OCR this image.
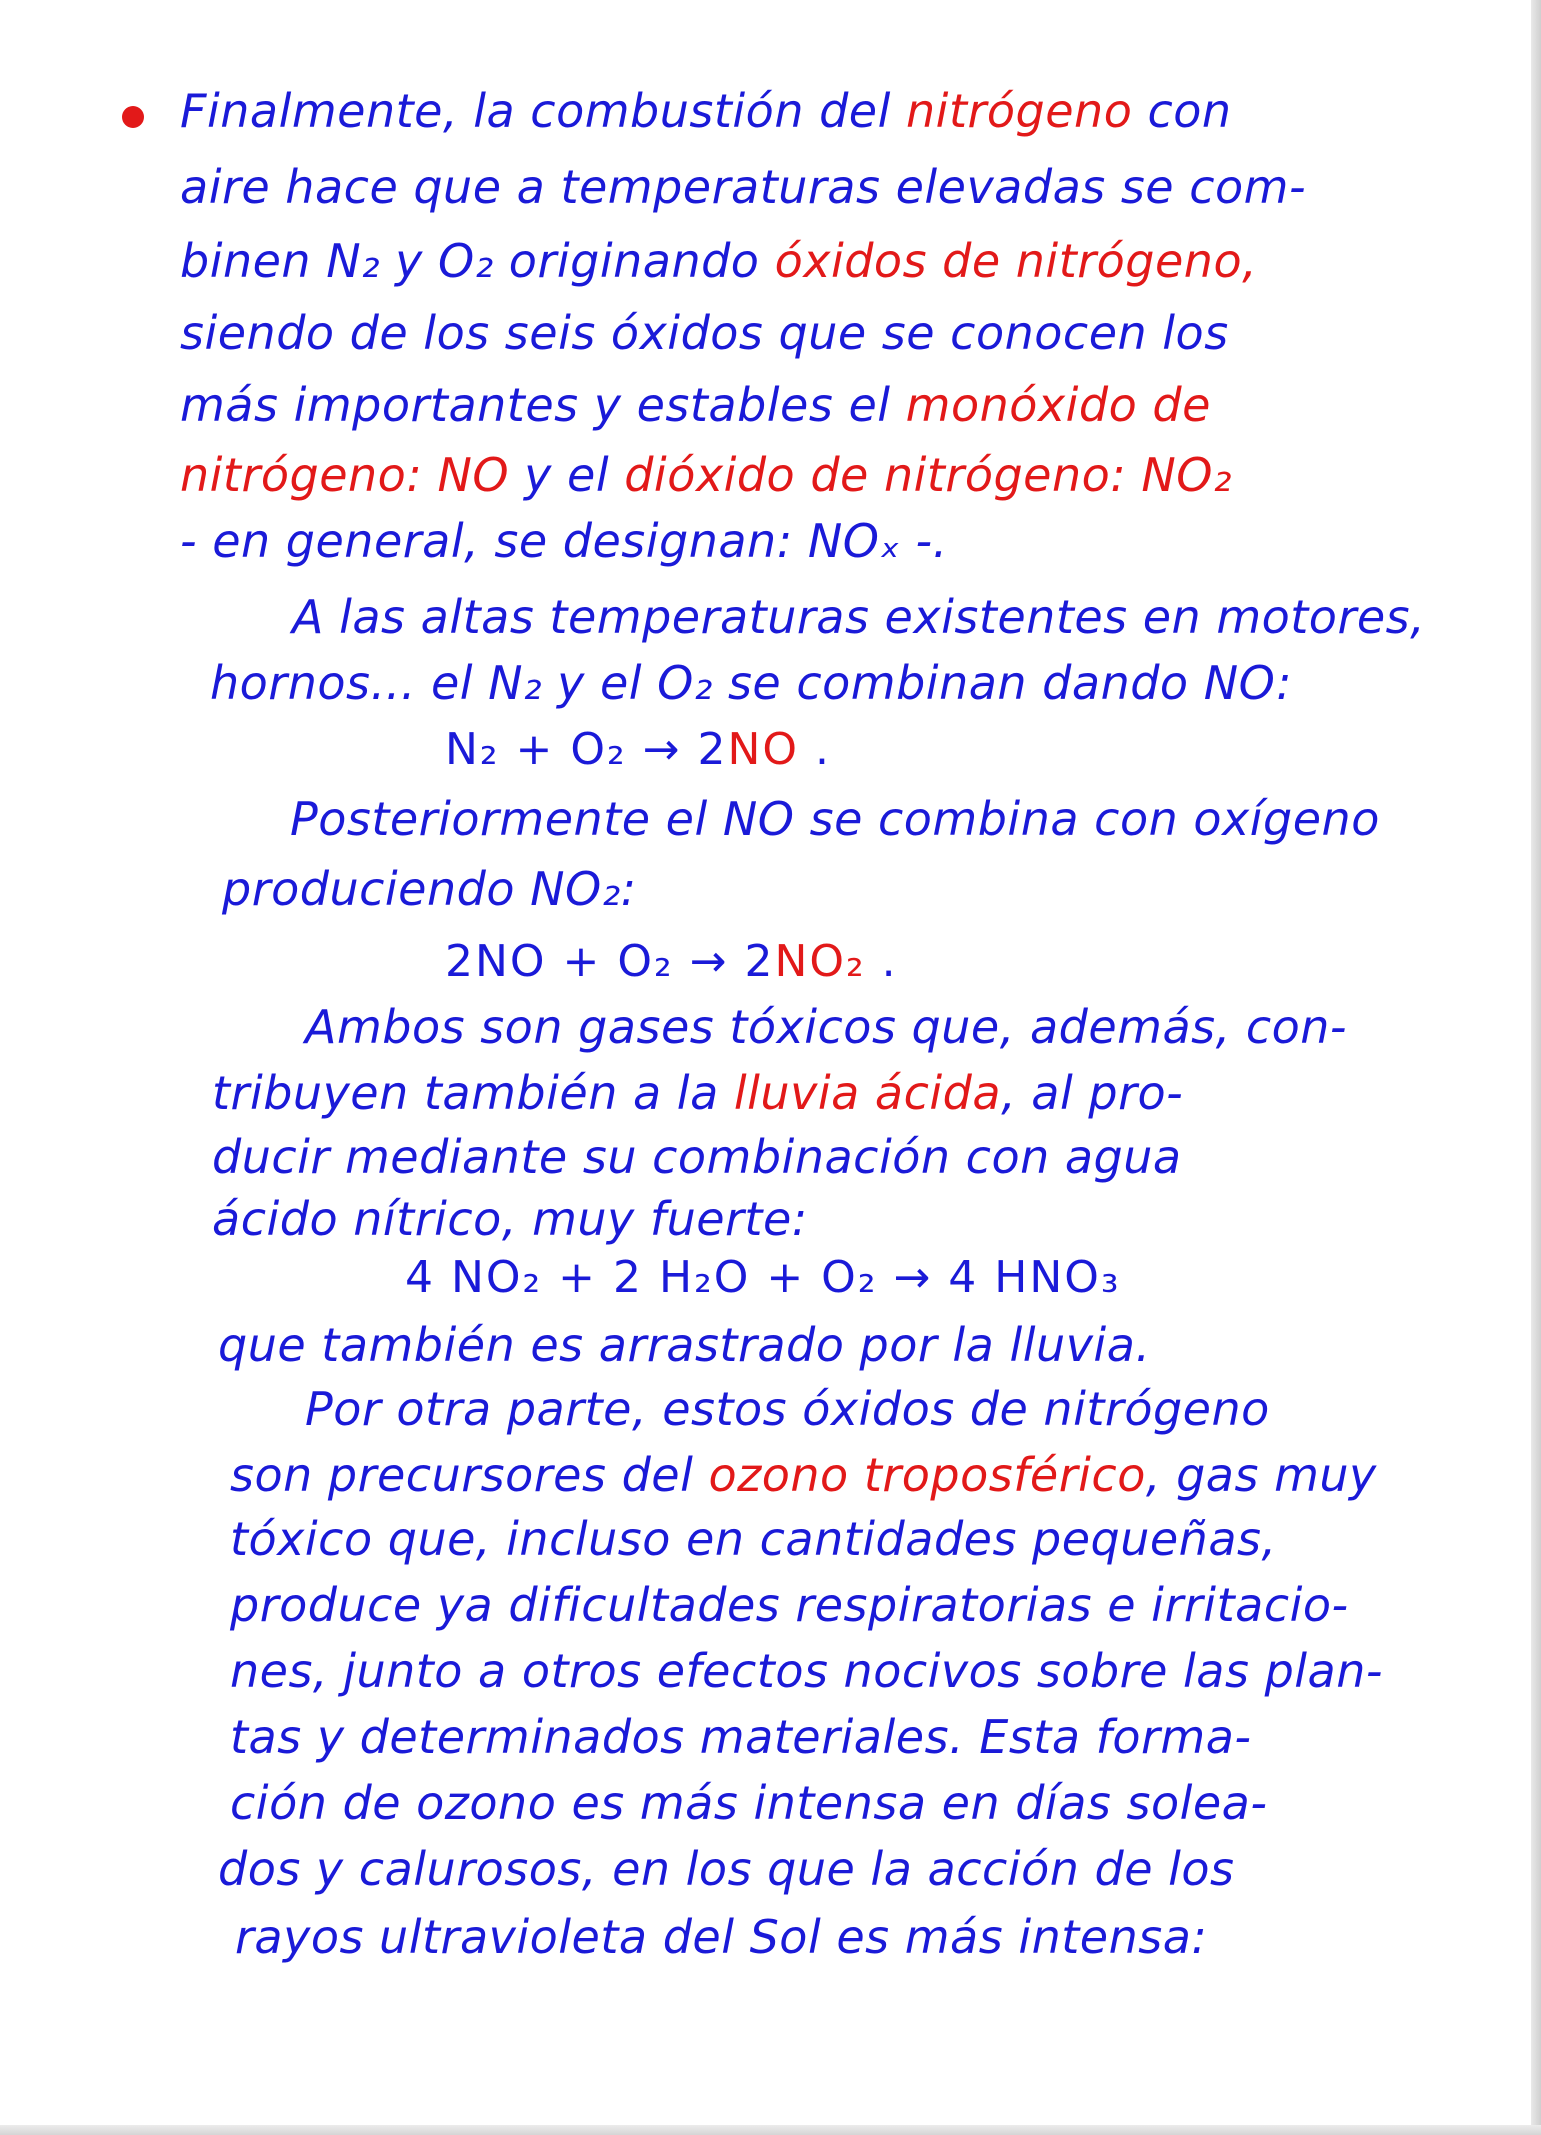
Finalmente, la combustión del nitrógeno con

aire hace que a temperaturas elevadas se com-

binen N₂ y O₂ originando óxidos de nitrógeno,

siendo de los seis óxidos que se conocen los

más importantes y estables el monóxido de

nitrógeno: NO y el dióxido de nitrógeno: NO₂

- en general, se designan: NOₓ -.

A las altas temperaturas existentes en motores,

hornos... el N₂ y el O₂ se combinan dando NO:

N₂ + O₂ → 2NO .

Posteriormente el NO se combina con oxígeno

produciendo NO₂:

2NO + O₂ → 2NO₂ .

Ambos son gases tóxicos que, además, con-

tribuyen también a la lluvia ácida, al pro-

ducir mediante su combinación con agua

ácido nítrico, muy fuerte:

4 NO₂ + 2 H₂O + O₂ → 4 HNO₃

que también es arrastrado por la lluvia.

Por otra parte, estos óxidos de nitrógeno

son precursores del ozono troposférico, gas muy

tóxico que, incluso en cantidades pequeñas,

produce ya dificultades respiratorias e irritacio-

nes, junto a otros efectos nocivos sobre las plan-

tas y determinados materiales. Esta forma-

ción de ozono es más intensa en días solea-

dos y calurosos, en los que la acción de los

rayos ultravioleta del Sol es más intensa:
